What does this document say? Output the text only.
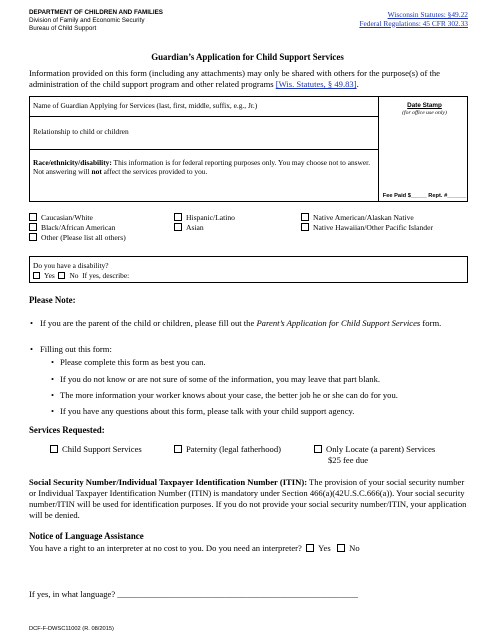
DEPARTMENT OF CHILDREN AND FAMILIES
Division of Family and Economic Security
Bureau of Child Support
Wisconsin Statutes: §49.22
Federal Regulations: 45 CFR 302.33
Guardian’s Application for Child Support Services
Information provided on this form (including any attachments) may only be shared with others for the purpose(s) of the administration of the child support program and other related programs [Wis. Statutes, § 49.83].
Name of Guardian Applying for Services (last, first, middle, suffix, e.g., Jr.)
Relationship to child or children
Race/ethnicity/disability: This information is for federal reporting purposes only. You may choose not to answer. Not answering will not affect the services provided to you.
Date Stamp
(for office use only)
Fee Paid $_____ Rept. #______
Caucasian/White
Black/African American
Other (Please list all others)
Hispanic/Latino
Asian
Native American/Alaskan Native
Native Hawaiian/Other Pacific Islander
Do you have a disability?
Yes No If yes, describe:
Please Note:
• If you are the parent of the child or children, please fill out the Parent’s Application for Child Support Services form.
• Filling out this form:
• Please complete this form as best you can.
• If you do not know or are not sure of some of the information, you may leave that part blank.
• The more information your worker knows about your case, the better job he or she can do for you.
• If you have any questions about this form, please talk with your child support agency.
Services Requested:
Child Support Services	Paternity (legal fatherhood)	Only Locate (a parent) Services
$25 fee due
Social Security Number/Individual Taxpayer Identification Number (ITIN): The provision of your social security number or Individual Taxpayer Identification Number (ITIN) is mandatory under Section 466(a)(42U.S.C.666(a)). Your social security number/ITIN will be used for identification purposes. If you do not provide your social security number/ITIN, your application will be denied.
Notice of Language Assistance
You have a right to an interpreter at no cost to you. Do you need an interpreter? Yes No
If yes, in what language? ________________________________________________________
DCF-F-DWSC11002 (R. 08/2015)
